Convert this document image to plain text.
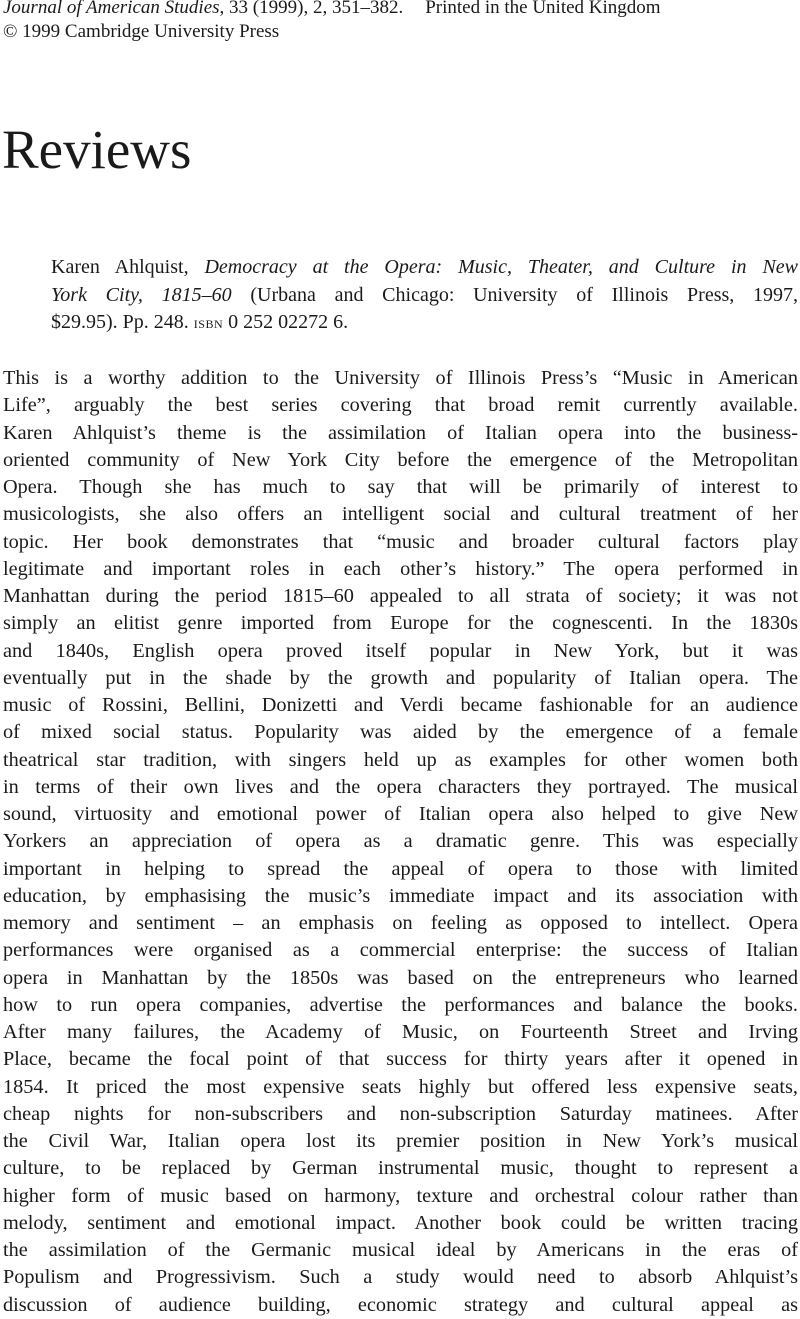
Journal of American Studies, 33 (1999), 2, 351–382. Printed in the United Kingdom
© 1999 Cambridge University Press
Reviews
Karen Ahlquist, Democracy at the Opera: Music, Theater, and Culture in New
York City, 1815–60 (Urbana and Chicago: University of Illinois Press, 1997,
$29.95). Pp. 248. isbn 0 252 02272 6.
This is a worthy addition to the University of Illinois Press’s “Music in American
Life”, arguably the best series covering that broad remit currently available.
Karen Ahlquist’s theme is the assimilation of Italian opera into the business-
oriented community of New York City before the emergence of the Metropolitan
Opera. Though she has much to say that will be primarily of interest to
musicologists, she also offers an intelligent social and cultural treatment of her
topic. Her book demonstrates that “music and broader cultural factors play
legitimate and important roles in each other’s history.” The opera performed in
Manhattan during the period 1815–60 appealed to all strata of society; it was not
simply an elitist genre imported from Europe for the cognescenti. In the 1830s
and 1840s, English opera proved itself popular in New York, but it was
eventually put in the shade by the growth and popularity of Italian opera. The
music of Rossini, Bellini, Donizetti and Verdi became fashionable for an audience
of mixed social status. Popularity was aided by the emergence of a female
theatrical star tradition, with singers held up as examples for other women both
in terms of their own lives and the opera characters they portrayed. The musical
sound, virtuosity and emotional power of Italian opera also helped to give New
Yorkers an appreciation of opera as a dramatic genre. This was especially
important in helping to spread the appeal of opera to those with limited
education, by emphasising the music’s immediate impact and its association with
memory and sentiment – an emphasis on feeling as opposed to intellect. Opera
performances were organised as a commercial enterprise: the success of Italian
opera in Manhattan by the 1850s was based on the entrepreneurs who learned
how to run opera companies, advertise the performances and balance the books.
After many failures, the Academy of Music, on Fourteenth Street and Irving
Place, became the focal point of that success for thirty years after it opened in
1854. It priced the most expensive seats highly but offered less expensive seats,
cheap nights for non-subscribers and non-subscription Saturday matinees. After
the Civil War, Italian opera lost its premier position in New York’s musical
culture, to be replaced by German instrumental music, thought to represent a
higher form of music based on harmony, texture and orchestral colour rather than
melody, sentiment and emotional impact. Another book could be written tracing
the assimilation of the Germanic musical ideal by Americans in the eras of
Populism and Progressivism. Such a study would need to absorb Ahlquist’s
discussion of audience building, economic strategy and cultural appeal as
